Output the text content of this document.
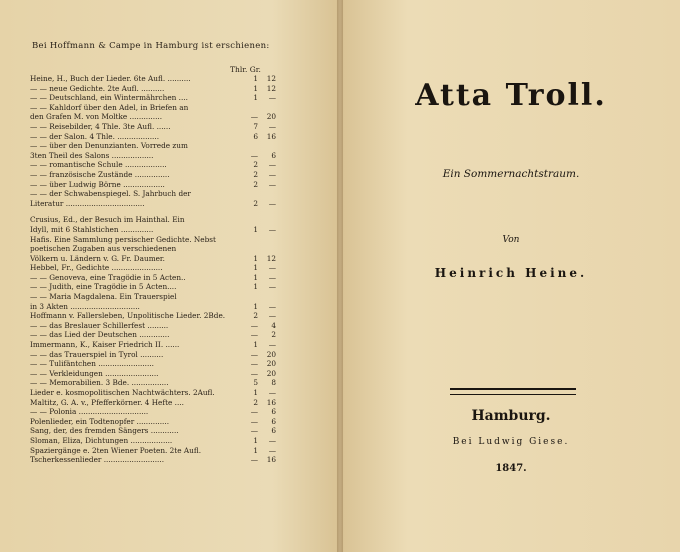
Bei Hoffmann & Campe in Hamburg ist erschienen:
Thlr. Gr.
Heine, H., Buch der Lieder. 6te Aufl. ..........	1	12
— — neue Gedichte. 2te Aufl. ..........	1	12
— — Deutschland, ein Wintermährchen ....	1	—
— — Kahldorf über den Adel, in Briefen an
den Grafen M. von Moltke ..............	—	20
— — Reisebilder, 4 Thle. 3te Aufl. ......	7	—
— — der Salon. 4 Thle. ..................	6	16
— — über den Denunzianten. Vorrede zum
3ten Theil des Salons ..................	—	6
— — romantische Schule ..................	2	—
— — französische Zustände ...............	2	—
— — über Ludwig Börne ..................	2	—
— — der Schwabenspiegel. S. Jahrbuch der
Literatur ..................................	2	—
Crusius, Ed., der Besuch im Hainthal. Ein
Idyll, mit 6 Stahlstichen ..............	1	—
Hafis. Eine Sammlung persischer Gedichte. Nebst
poetischen Zugaben aus verschiedenen
Völkern u. Ländern v. G. Fr. Daumer.	1	12
Hebbel, Fr., Gedichte ......................	1	—
— — Genoveva, eine Tragödie in 5 Acten..	1	—
— — Judith, eine Tragödie in 5 Acten....	1	—
— — Maria Magdalena. Ein Trauerspiel
in 3 Akten ..............................	1	—
Hoffmann v. Fallersleben, Unpolitische Lieder. 2Bde.	2	—
— — das Breslauer Schillerfest .........	—	4
— — das Lied der Deutschen .............	—	2
Immermann, K., Kaiser Friedrich II. ......	1	—
— — das Trauerspiel in Tyrol ..........	—	20
— — Tulifäntchen ........................	—	20
— — Verkleidungen .......................	—	20
— — Memorabilien. 3 Bde. ................	5	8
Lieder e. kosmopolitischen Nachtwächters. 2Aufl.	1	—
Maltitz, G. A. v., Pfefferkörner. 4 Hefte ....	2	16
— — Polonia ..............................	—	6
Polenlieder, ein Todtenopfer ..............	—	6
Sang, der, des fremden Sängers ............	—	6
Sloman, Eliza, Dichtungen ..................	1	—
Spaziergänge e. 2ten Wiener Poeten. 2te Aufl.	1	—
Tscherkessenlieder ..........................	—	16
Atta Troll.
Ein Sommernachtstraum.
Von
Heinrich Heine.
Hamburg.
Bei Ludwig Giese.
1847.
